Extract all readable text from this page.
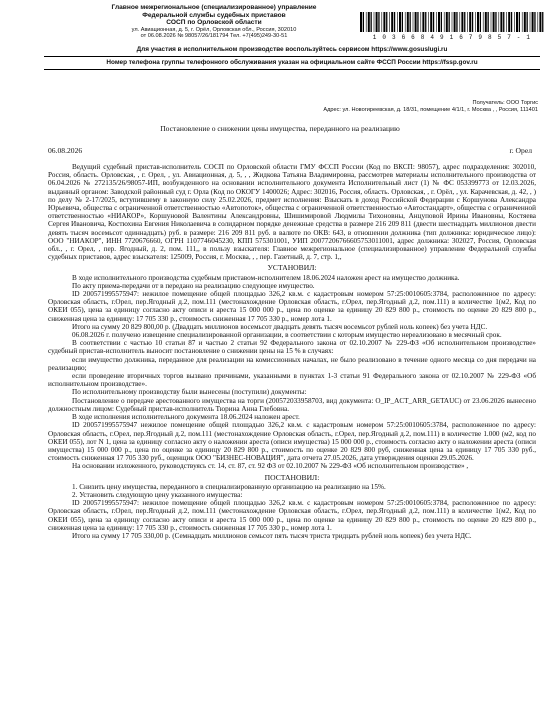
Главное межрегиональное (специализированное) управление
Федеральной службы судебных приставов
СОСП по Орловской области
ул. Авиационная, д. 5, г. Орёл, Орловская обл., Россия, 302010
от 06.08.2026 № 98057/26/181794 Тел. +7(495)249-30-51	1 0 3 6 6 8 4 9 1 6 7 9 8 5 7 - 1
Для участия в исполнительном производстве воспользуйтесь сервисом https://www.gosuslugi.ru
Номер телефона группы телефонного обслуживания указан на официальном сайте ФССП России https://fssp.gov.ru
Получатель: ООО Торгис
Адрес: ул. Новогиреевская, д. 18/31, помещение 4/1/1, г. Москва , , Россия, 111401
Постановление о снижении цены имущества, переданного на реализацию
06.08.2026	г. Орел

Ведущий судебный пристав-исполнитель СОСП по Орловской области ГМУ ФССП России (Код по ВКСП: 98057), адрес подразделения: 302010, Россия, область. Орловская, , г. Орел, , ул. Авиационная, д. 5, , , Жидкова Татьяна Владимировна, рассмотрев материалы исполнительного производства от 06.04.2026 № 272135/26/98057-ИП, возбужденного на основании исполнительного документа Исполнительный лист (1) № ФС 053399773 от 12.03.2026, выданный органом: Заводской районный суд г. Орла (Код по ОКОГУ 1400026; Адрес: 302016, Россия, область. Орловская, , г. Орёл, , ул. Карачевская, д. 42, , ) по делу № 2-17/2025, вступившему в законную силу 25.02.2026, предмет исполнения: Взыскать в доход Российской Федерации с Коршунова Александра Юрьевича, общества с ограниченной ответственностью «Автопоток», общества с ограниченной ответственностью «Автостандарт», общества с ограниченной ответственностью «НИАКОР», Коршуновой Валентины Александровны, Шишимировой Людмилы Тихоновны, Анцуповой Ирины Ивановны, Костяева Сергея Ивановича, Костюхина Евгения Николаевича в солидарном порядке денежные средства в размере 216 209 811 (двести шестнадцать миллионов двести девять тысяч восемьсот одиннадцать) руб. в размере: 216 209 811 руб. в валюте по ОКВ: 643, в отношении должника (тип должника: юридическое лицо): ООО "НИАКОР", ИНН 7720676660, ОГРН 1107746045230, КПП 575301001, УИП 20077206766605753011001, адрес должника: 302027, Россия, Орловская обл., , г. Орел, , пер. Ягодный, д. 2, пом. 111,, в пользу взыскателя: Главное межрегиональное (специализированное) управление Федеральной службы судебных приставов, адрес взыскателя: 125009, Россия, г. Москва, , , пер. Газетный, д. 7, стр. 1,,

УСТАНОВИЛ:

В ходе исполнительного производства судебным приставом-исполнителем 18.06.2024 наложен арест на имущество должника.

По акту приема-передачи от в передано на реализацию следующее имущество.

ID 2005719955759​47: нежилое помещение общей площадью 326,2 кв.м. с кадастровым номером 57:25:0010605:3784, расположенное по адресу: Орловская область, г.Орел, пер.Ягодный д.2, пом.111 (местонахождение Орловская область, г.Орел, пер.Ягодный д.2, пом.111) в количестве 1(м2, Код по ОКЕИ 055), цена за единицу согласно акту описи и ареста 15 000 000 р., цена по оценке за единицу 20 829 800 р., стоимость по оценке 20 829 800 р., сниженная цена за единицу: 17 705 330 р., стоимость сниженная 17 705 330 р., номер лота 1.

Итого на сумму 20 829 800,00 р. (Двадцать миллионов восемьсот двадцать девять тысяч восемьсот рублей ноль копеек) без учета НДС.

06.08.2026 г. получено извещение специализированной организации, в соответствии с которым имущество нереализовано в месячный срок.

В соответствии с частью 10 статьи 87 и частью 2 статьи 92 Федерального закона от 02.10.2007 № 229-ФЗ «Об исполнительном производстве» судебный пристав-исполнитель выносит постановление о снижении цены на 15 % в случаях:

если имущество должника, переданное для реализации на комиссионных началах, не было реализовано в течение одного месяца со дня передачи на реализацию;

если проведение вторичных торгов вызвано причинами, указанными в пунктах 1-3 статьи 91 Федерального закона от 02.10.2007 № 229-ФЗ «Об исполнительном производстве».

По исполнительному производству были вынесены (поступили) документы:

Постановление о передаче арестованного имущества на торги (200572033958703, вид документа: O_IP_ACT_ARR_GETAUC) от 23.06.2026 вынесено должностным лицом: Судебный пристав-исполнитель Тюрина Анна Глебовна.

В ходе исполнения исполнительного документа 18.06.2024 наложен арест.

ID 2005719955759​47 нежилое помещение общей площадью 326,2 кв.м. с кадастровым номером 57:25:0010605:3784, расположенное по адресу: Орловская область, г.Орел, пер.Ягодный д.2, пом.111 (местонахождение Орловская область, г.Орел, пер.Ягодный д.2, пом.111) в количестве 1.000 (м2, код по ОКЕИ 055), лот N 1, цена за единицу согласно акту о наложении ареста (описи имущества) 15 000 000 р., стоимость согласно акту о наложении ареста (описи имущества) 15 000 000 р., цена по оценке за единицу 20 829 800 р., стоимость по оценке 20 829 800 руб, сниженная цена за единицу 17 705 330 руб., стоимость сниженная 17 705 330 руб., оценщик ООО "БИЗНЕС-НОВАЦИЯ", дата отчета 27.05.2026, дата утверждения оценки 29.05.2026.

На основании изложенного, руководствуясь ст. 14, ст. 87, ст. 92 ФЗ от 02.10.2007 № 229-ФЗ «Об исполнительном производстве» ,

ПОСТАНОВИЛ:

1. Снизить цену имущества, переданного в специализированную организацию на реализацию на 15%.

2. Установить следующую цену указанного имущества:

ID 2005719955759​47: нежилое помещение общей площадью 326,2 кв.м. с кадастровым номером 57:25:0010605:3784, расположенное по адресу: Орловская область, г.Орел, пер.Ягодный д.2, пом.111 (местонахождение Орловская область, г.Орел, пер.Ягодный д.2, пом.111) в количестве 1(м2, Код по ОКЕИ 055), цена за единицу согласно акту описи и ареста 15 000 000 р., цена по оценке за единицу 20 829 800 р., стоимость по оценке 20 829 800 р., сниженная цена за единицу: 17 705 330 р., стоимость сниженная 17 705 330 р., номер лота 1.

Итого на сумму 17 705 330,00 р. (Семнадцать миллионов семьсот пять тысяч триста тридцать рублей ноль копеек) без учета НДС.
